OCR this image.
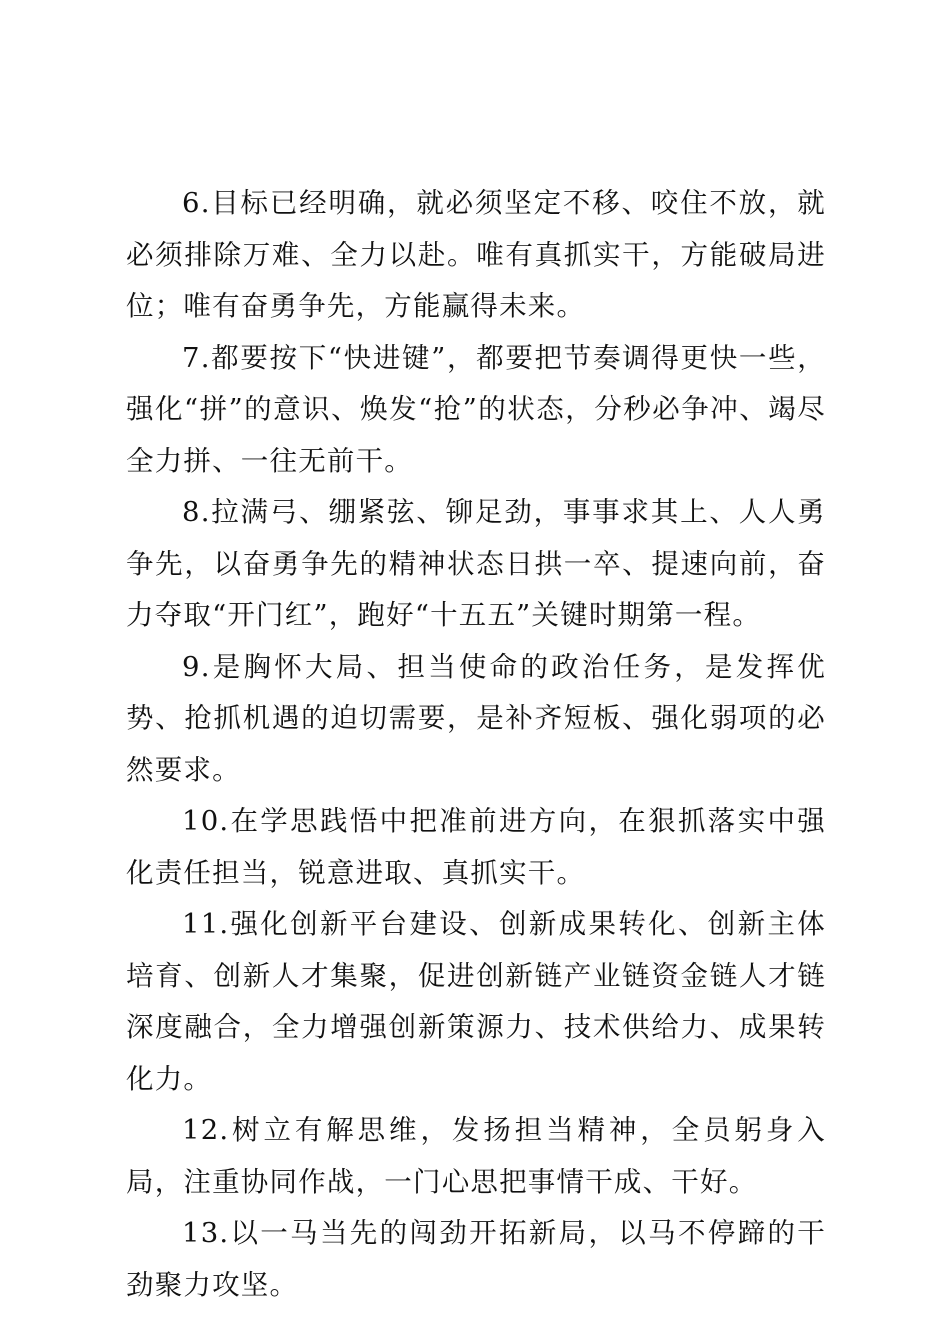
6.目标已经明确，就必须坚定不移、咬住不放，就必须排除万难、全力以赴。唯有真抓实干，方能破局进位；唯有奋勇争先，方能赢得未来。

7.都要按下“快进键”，都要把节奏调得更快一些，强化“拼”的意识、焕发“抢”的状态，分秒必争冲、竭尽全力拼、一往无前干。

8.拉满弓、绷紧弦、铆足劲，事事求其上、人人勇争先，以奋勇争先的精神状态日拱一卒、提速向前，奋力夺取“开门红”，跑好“十五五”关键时期第一程。

9.是胸怀大局、担当使命的政治任务，是发挥优势、抢抓机遇的迫切需要，是补齐短板、强化弱项的必然要求。

10.在学思践悟中把准前进方向，在狠抓落实中强化责任担当，锐意进取、真抓实干。

11.强化创新平台建设、创新成果转化、创新主体培育、创新人才集聚，促进创新链产业链资金链人才链深度融合，全力增强创新策源力、技术供给力、成果转化力。

12.树立有解思维，发扬担当精神，全员躬身入局，注重协同作战，一门心思把事情干成、干好。

13.以一马当先的闯劲开拓新局，以马不停蹄的干劲聚力攻坚。
